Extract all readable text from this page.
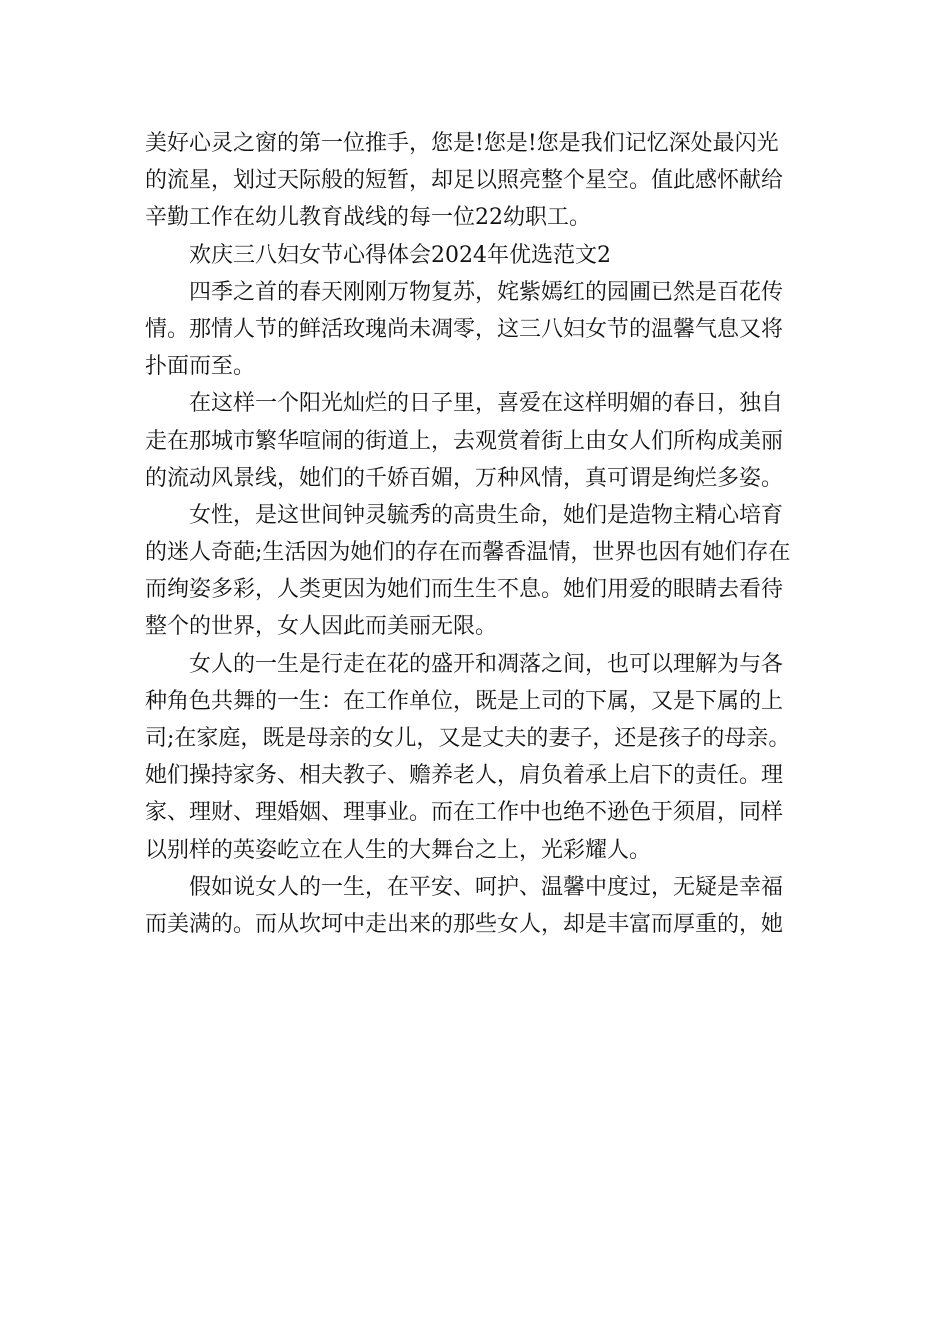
美好心灵之窗的第一位推手，您是!您是!您是我们记忆深处最闪光
的流星，划过天际般的短暂，却足以照亮整个星空。值此感怀献给
辛勤工作在幼儿教育战线的每一位22幼职工。
欢庆三八妇女节心得体会2024年优选范文2
四季之首的春天刚刚万物复苏，姹紫嫣红的园圃已然是百花传
情。那情人节的鲜活玫瑰尚未凋零，这三八妇女节的温馨气息又将
扑面而至。
在这样一个阳光灿烂的日子里，喜爱在这样明媚的春日，独自
走在那城市繁华喧闹的街道上，去观赏着街上由女人们所构成美丽
的流动风景线，她们的千娇百媚，万种风情，真可谓是绚烂多姿。
女性，是这世间钟灵毓秀的高贵生命，她们是造物主精心培育
的迷人奇葩;生活因为她们的存在而馨香温情，世界也因有她们存在
而绚姿多彩，人类更因为她们而生生不息。她们用爱的眼睛去看待
整个的世界，女人因此而美丽无限。
女人的一生是行走在花的盛开和凋落之间，也可以理解为与各
种角色共舞的一生：在工作单位，既是上司的下属，又是下属的上
司;在家庭，既是母亲的女儿，又是丈夫的妻子，还是孩子的母亲。
她们操持家务、相夫教子、赡养老人，肩负着承上启下的责任。理
家、理财、理婚姻、理事业。而在工作中也绝不逊色于须眉，同样
以别样的英姿屹立在人生的大舞台之上，光彩耀人。
假如说女人的一生，在平安、呵护、温馨中度过，无疑是幸福
而美满的。而从坎坷中走出来的那些女人，却是丰富而厚重的，她
